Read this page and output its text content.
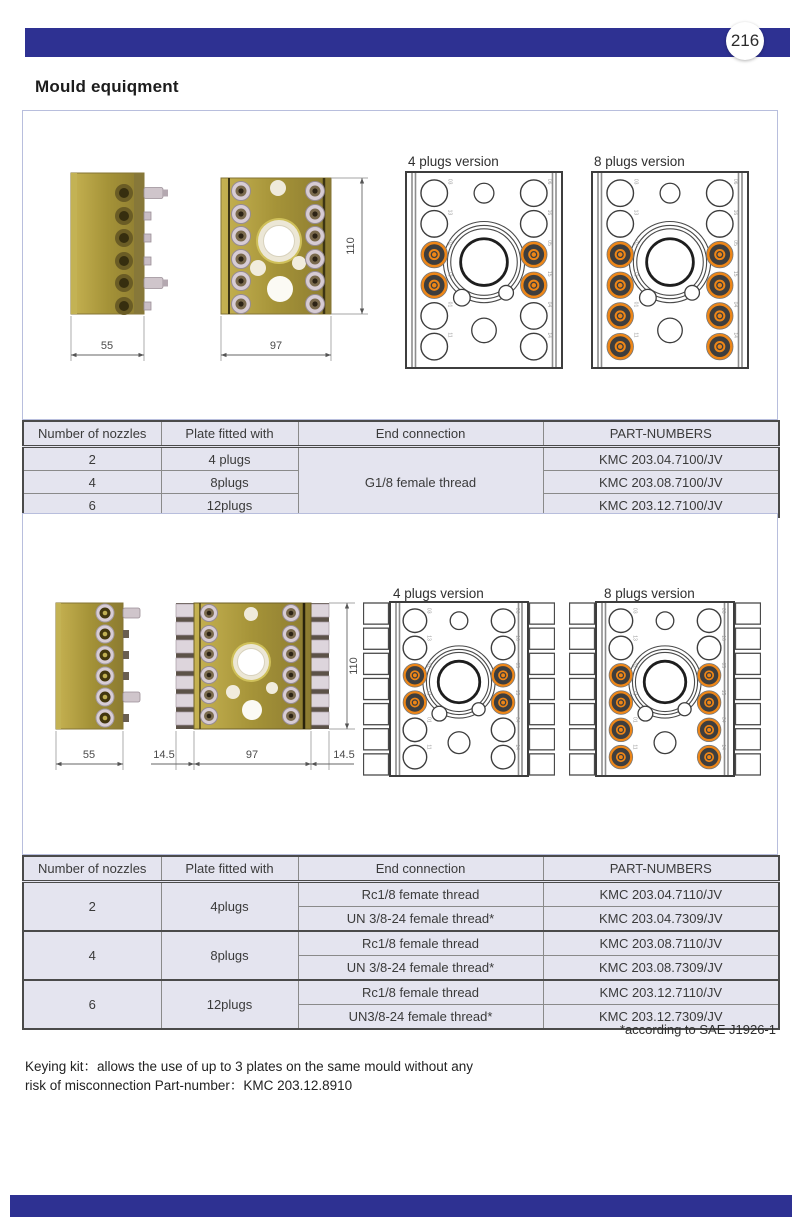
216
Mould equiqment
55	97
110
4 plugs version	8 plugs version
03	06
13	16
02	05
12	15
01	04
11	14
03	06
13	16
02	05
12	15
01	04
11	14
Number of nozzles	Plate fitted with	End connection	PART-NUMBERS
2	4 plugs	G1/8 female thread	KMC 203.04.7100/JV
4	8plugs		KMC 203.08.7100/JV
6	12plugs		KMC 203.12.7100/JV
55	14.5	97	14.5
110
4 plugs version	8 plugs version
03	06
13	16
02	05
12	15
01	04
11	14
03	06
13	16
02	05
12	15
01	04
11	14
Number of nozzles	Plate fitted with	End connection	PART-NUMBERS
2	4plugs	Rc1/8 femate thread	KMC 203.04.7110/JV
		UN 3/8-24 female thread*	KMC 203.04.7309/JV
4	8plugs	Rc1/8 female thread	KMC 203.08.7110/JV
		UN 3/8-24 female thread*	KMC 203.08.7309/JV
6	12plugs	Rc1/8 female thread	KMC 203.12.7110/JV
		UN3/8-24 female thread*	KMC 203.12.7309/JV
*according to SAE J1926-1
Keying kit：allows the use of up to 3 plates on the same mould without any
risk of misconnection Part-number：KMC 203.12.8910
